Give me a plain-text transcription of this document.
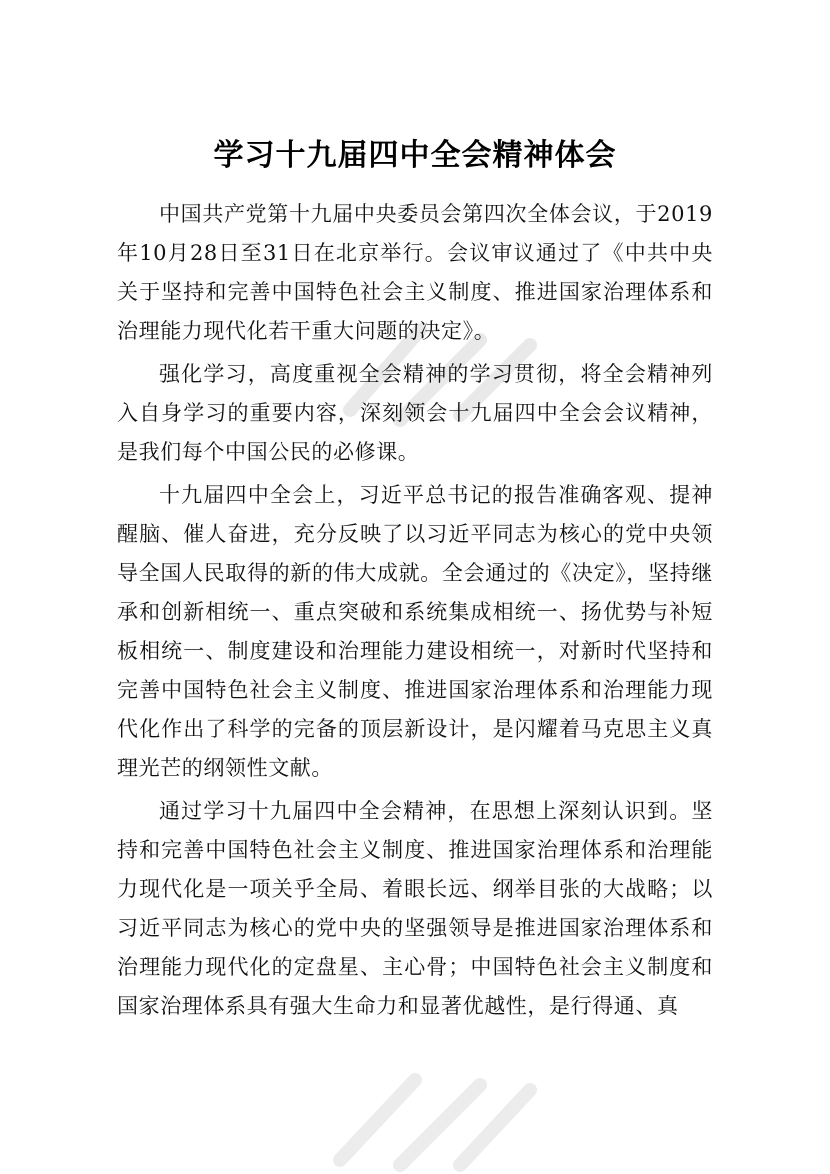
学习十九届四中全会精神体会

中国共产党第十九届中央委员会第四次全体会议，于2019年10月28日至31日在北京举行。会议审议通过了《中共中央关于坚持和完善中国特色社会主义制度、推进国家治理体系和治理能力现代化若干重大问题的决定》。

强化学习，高度重视全会精神的学习贯彻，将全会精神列入自身学习的重要内容，深刻领会十九届四中全会会议精神，是我们每个中国公民的必修课。

十九届四中全会上，习近平总书记的报告准确客观、提神醒脑、催人奋进，充分反映了以习近平同志为核心的党中央领导全国人民取得的新的伟大成就。全会通过的《决定》，坚持继承和创新相统一、重点突破和系统集成相统一、扬优势与补短板相统一、制度建设和治理能力建设相统一，对新时代坚持和完善中国特色社会主义制度、推进国家治理体系和治理能力现代化作出了科学的完备的顶层新设计，是闪耀着马克思主义真理光芒的纲领性文献。

通过学习十九届四中全会精神，在思想上深刻认识到。坚持和完善中国特色社会主义制度、推进国家治理体系和治理能力现代化是一项关乎全局、着眼长远、纲举目张的大战略；以习近平同志为核心的党中央的坚强领导是推进国家治理体系和治理能力现代化的定盘星、主心骨；中国特色社会主义制度和国家治理体系具有强大生命力和显著优越性，是行得通、真
